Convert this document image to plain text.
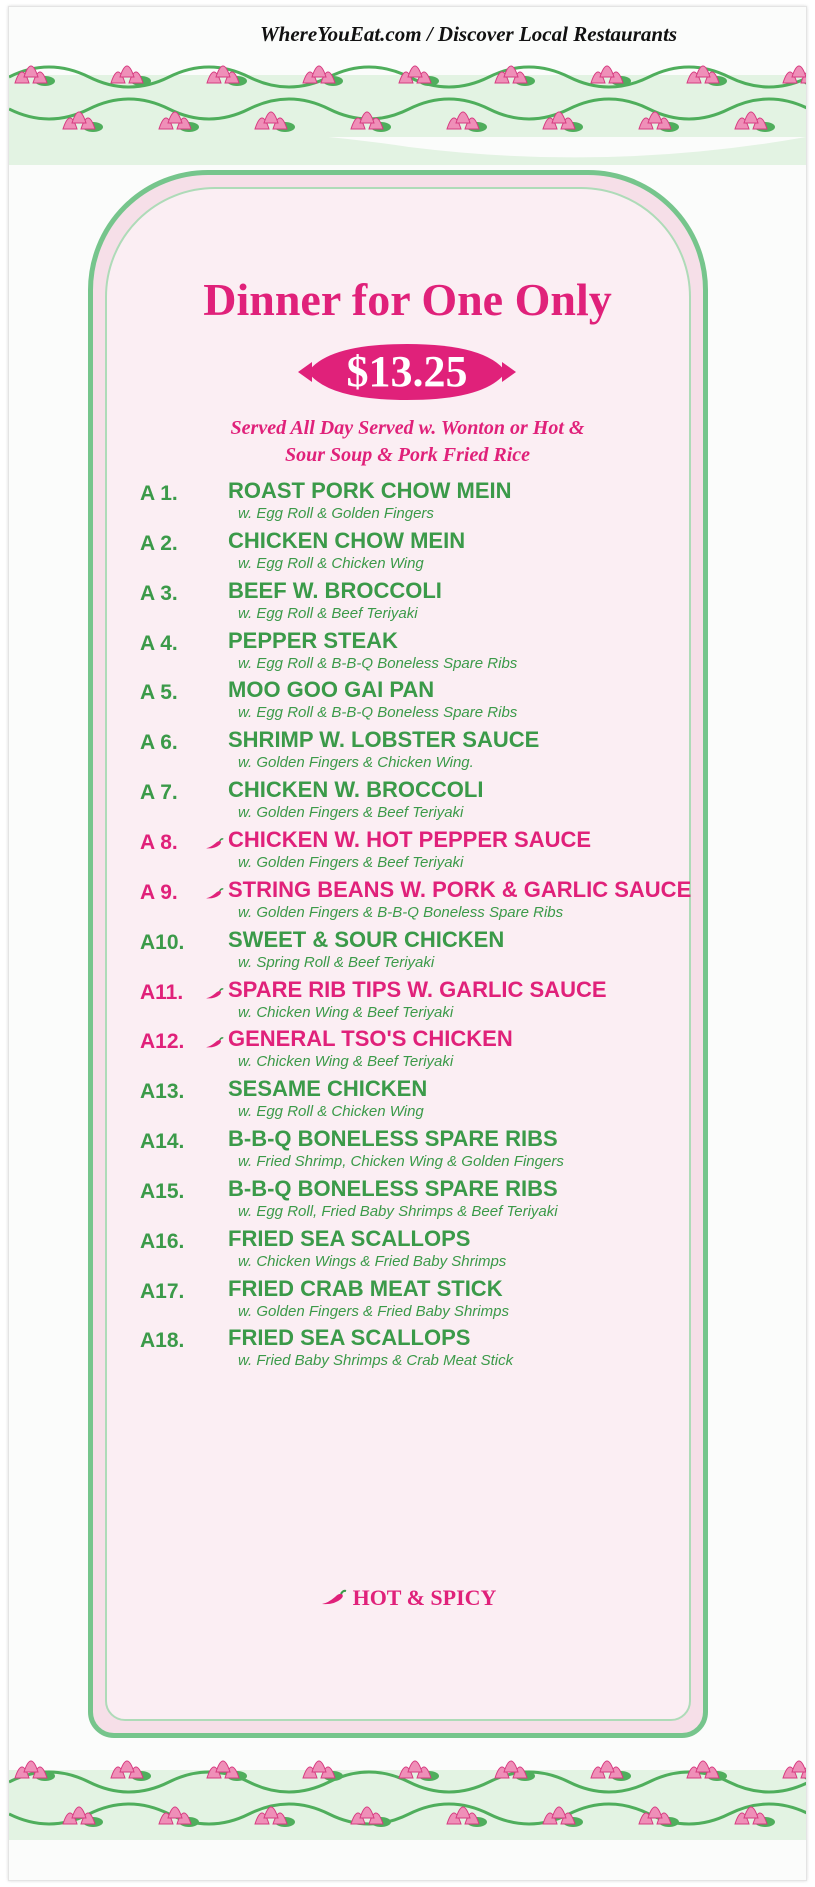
WhereYouEat.com / Discover Local Restaurants
Dinner for One Only
$13.25
Served All Day Served w. Wonton or Hot &
Sour Soup & Pork Fried Rice
A 1. ROAST PORK CHOW MEIN
w. Egg Roll & Golden Fingers
A 2. CHICKEN CHOW MEIN
w. Egg Roll & Chicken Wing
A 3. BEEF W. BROCCOLI
w. Egg Roll & Beef Teriyaki
A 4. PEPPER STEAK
w. Egg Roll & B-B-Q Boneless Spare Ribs
A 5. MOO GOO GAI PAN
w. Egg Roll & B-B-Q Boneless Spare Ribs
A 6. SHRIMP W. LOBSTER SAUCE
w. Golden Fingers & Chicken Wing.
A 7. CHICKEN W. BROCCOLI
w. Golden Fingers & Beef Teriyaki
A 8. CHICKEN W. HOT PEPPER SAUCE
w. Golden Fingers & Beef Teriyaki
A 9. STRING BEANS W. PORK & GARLIC SAUCE
w. Golden Fingers & B-B-Q Boneless Spare Ribs
A10. SWEET & SOUR CHICKEN
w. Spring Roll & Beef Teriyaki
A11. SPARE RIB TIPS W. GARLIC SAUCE
w. Chicken Wing & Beef Teriyaki
A12. GENERAL TSO'S CHICKEN
w. Chicken Wing & Beef Teriyaki
A13. SESAME CHICKEN
w. Egg Roll & Chicken Wing
A14. B-B-Q BONELESS SPARE RIBS
w. Fried Shrimp, Chicken Wing & Golden Fingers
A15. B-B-Q BONELESS SPARE RIBS
w. Egg Roll, Fried Baby Shrimps & Beef Teriyaki
A16. FRIED SEA SCALLOPS
w. Chicken Wings & Fried Baby Shrimps
A17. FRIED CRAB MEAT STICK
w. Golden Fingers & Fried Baby Shrimps
A18. FRIED SEA SCALLOPS
w. Fried Baby Shrimps & Crab Meat Stick
HOT & SPICY
